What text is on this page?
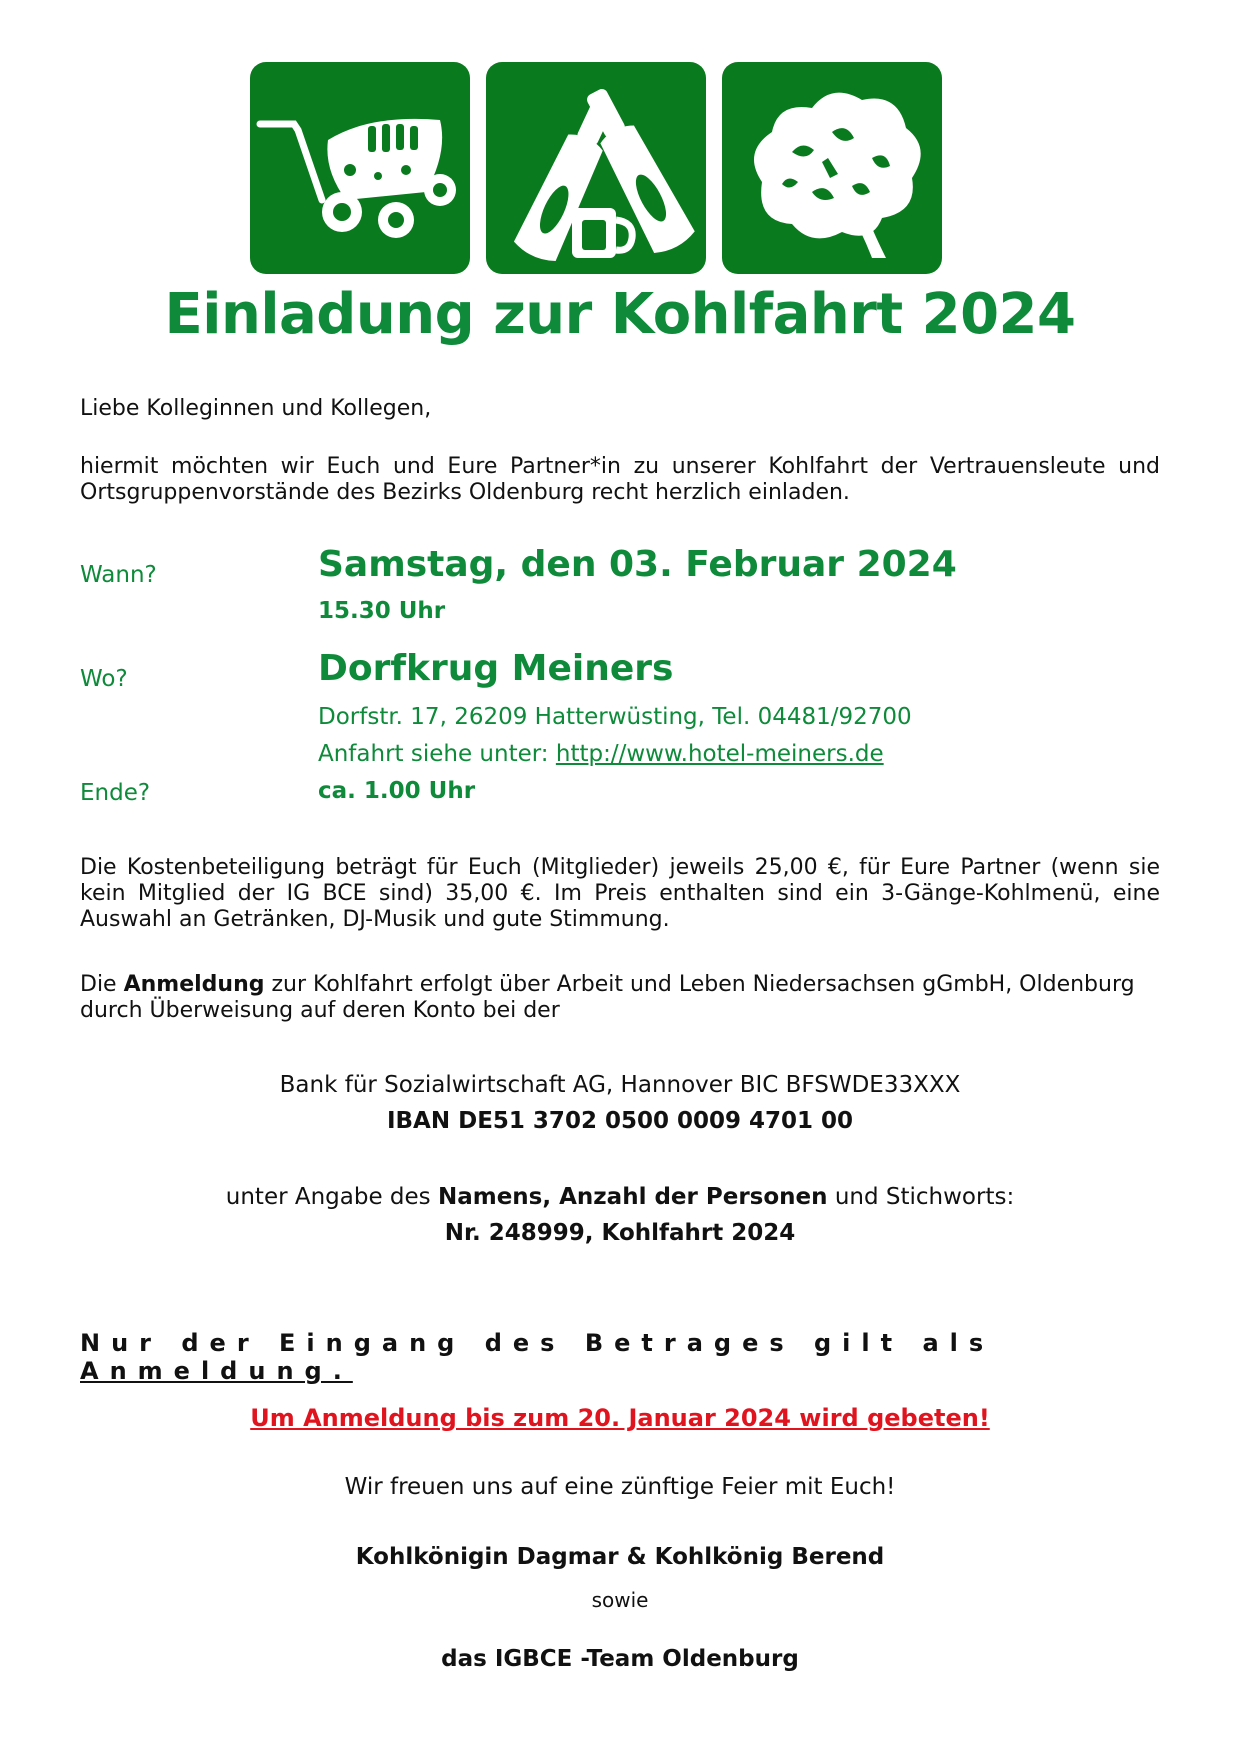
Einladung zur Kohlfahrt 2024
Liebe Kolleginnen und Kollegen,
hiermit möchten wir Euch und Eure Partner*in zu unserer Kohlfahrt der Vertrauensleute und Ortsgruppenvorstände des Bezirks Oldenburg recht herzlich einladen.
Wann?	Samstag, den 03. Februar 2024
15.30 Uhr
Wo?	Dorfkrug Meiners
Dorfstr. 17, 26209 Hatterwüsting, Tel. 04481/92700
Anfahrt siehe unter: http://www.hotel-meiners.de
Ende?	ca. 1.00 Uhr
Die Kostenbeteiligung beträgt für Euch (Mitglieder) jeweils 25,00 €, für Eure Partner (wenn sie kein Mitglied der IG BCE sind) 35,00 €. Im Preis enthalten sind ein 3-Gänge-Kohlmenü, eine Auswahl an Getränken, DJ-Musik und gute Stimmung.
Die Anmeldung zur Kohlfahrt erfolgt über Arbeit und Leben Niedersachsen gGmbH, Oldenburg durch Überweisung auf deren Konto bei der
Bank für Sozialwirtschaft AG, Hannover BIC BFSWDE33XXX
IBAN DE51 3702 0500 0009 4701 00
unter Angabe des Namens, Anzahl der Personen und Stichworts:
Nr. 248999, Kohlfahrt 2024
Nur der Eingang des Betrages gilt als Anmeldung.
Um Anmeldung bis zum 20. Januar 2024 wird gebeten!
Wir freuen uns auf eine zünftige Feier mit Euch!
Kohlkönigin Dagmar & Kohlkönig Berend
sowie
das IGBCE -Team Oldenburg
